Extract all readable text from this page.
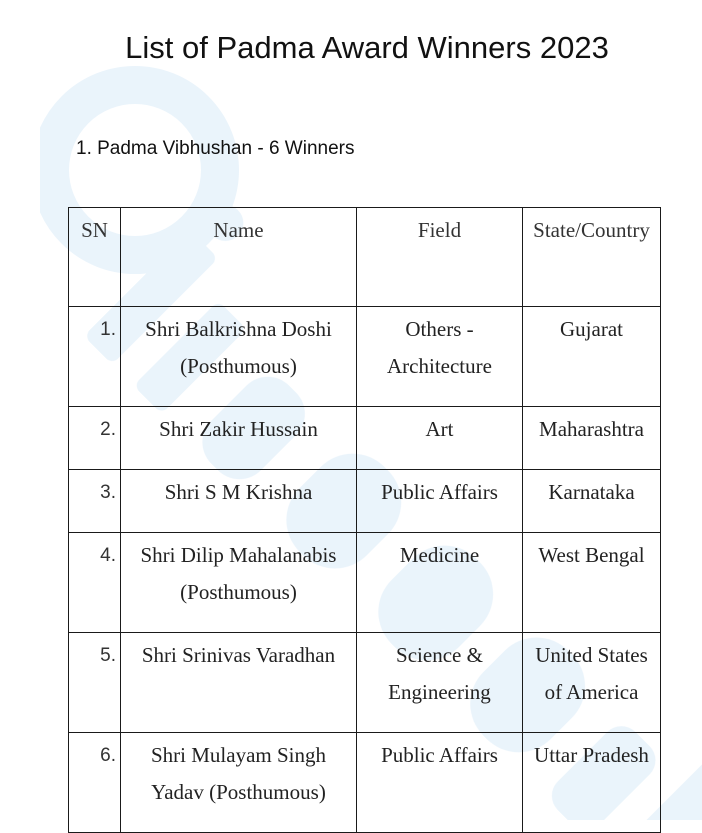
List of Padma Award Winners 2023
1. Padma Vibhushan - 6 Winners
SN	Name	Field	State/Country
1.	Shri Balkrishna Doshi (Posthumous)	Others - Architecture	Gujarat
2.	Shri Zakir Hussain	Art	Maharashtra
3.	Shri S M Krishna	Public Affairs	Karnataka
4.	Shri Dilip Mahalanabis (Posthumous)	Medicine	West Bengal
5.	Shri Srinivas Varadhan	Science & Engineering	United States of America
6.	Shri Mulayam Singh Yadav (Posthumous)	Public Affairs	Uttar Pradesh
